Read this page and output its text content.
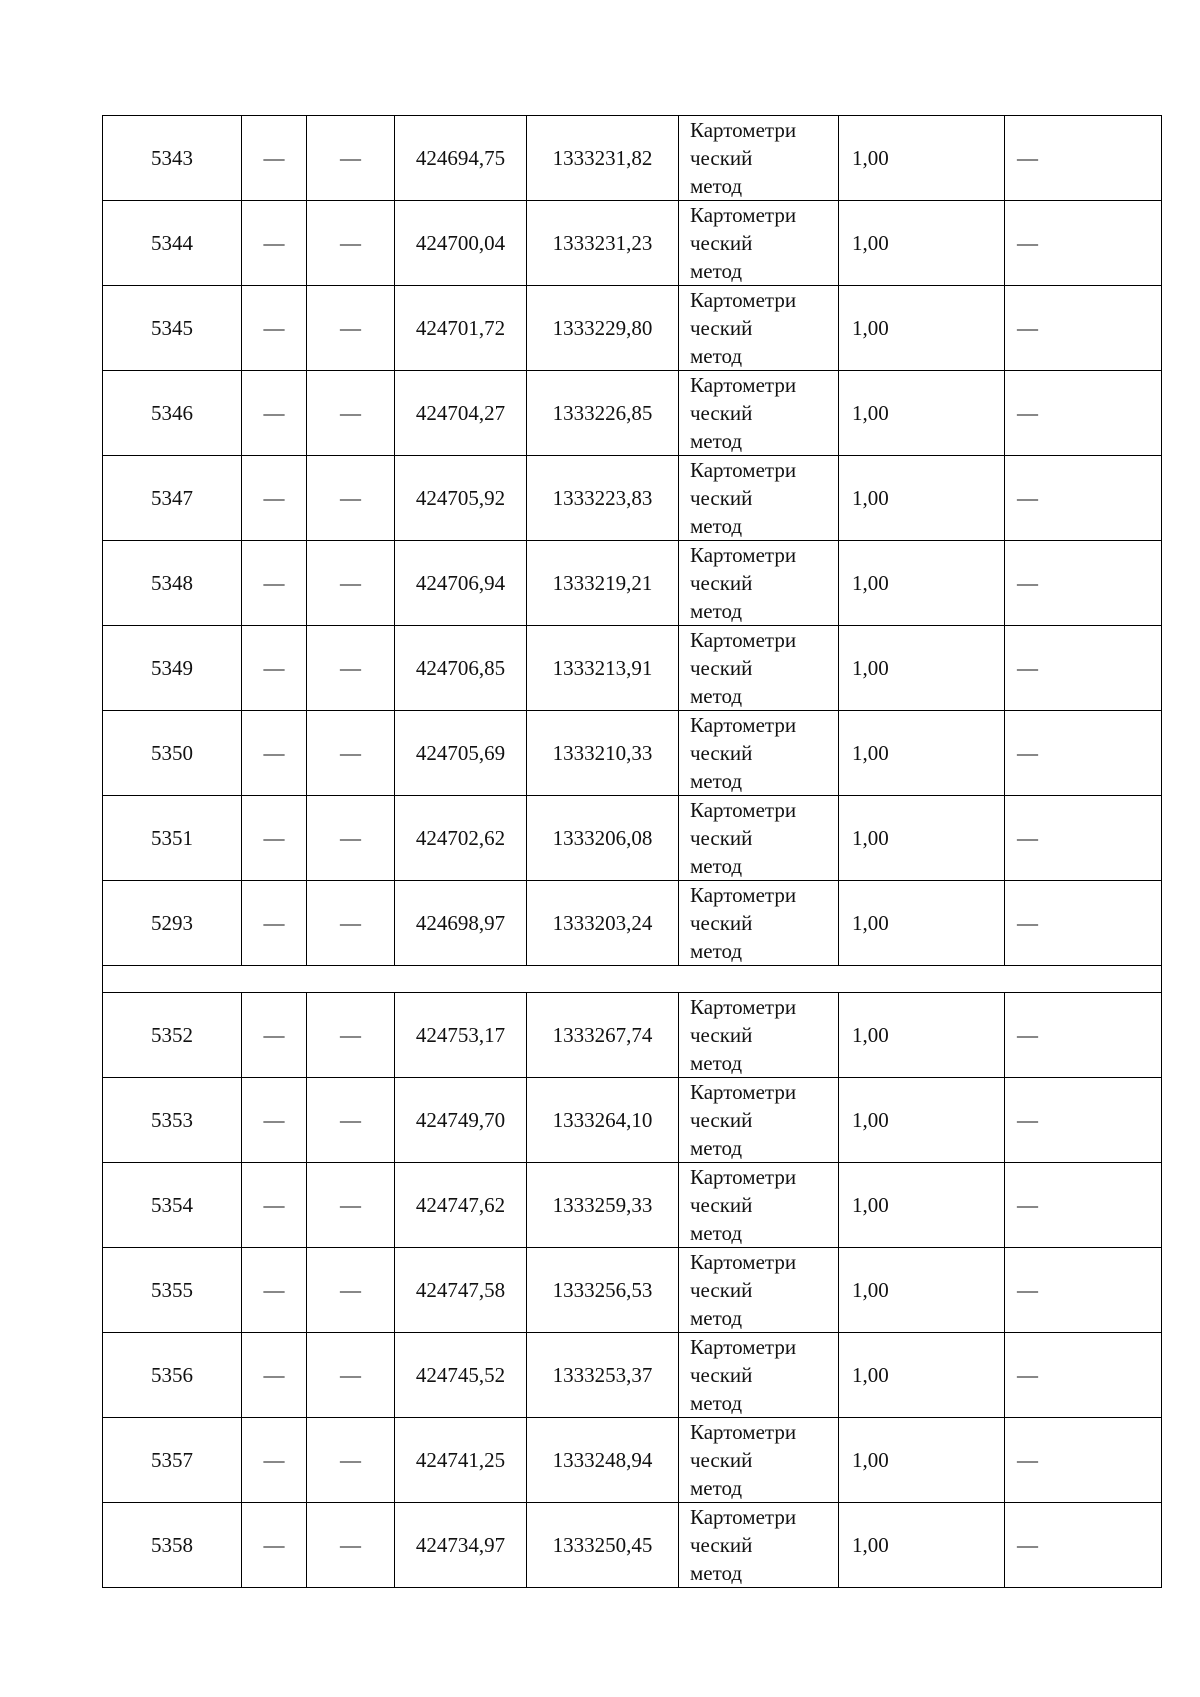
5343	—	—	424694,75	1333231,82	Картометри
ческий
метод	1,00	—
5344	—	—	424700,04	1333231,23	Картометри
ческий
метод	1,00	—
5345	—	—	424701,72	1333229,80	Картометри
ческий
метод	1,00	—
5346	—	—	424704,27	1333226,85	Картометри
ческий
метод	1,00	—
5347	—	—	424705,92	1333223,83	Картометри
ческий
метод	1,00	—
5348	—	—	424706,94	1333219,21	Картометри
ческий
метод	1,00	—
5349	—	—	424706,85	1333213,91	Картометри
ческий
метод	1,00	—
5350	—	—	424705,69	1333210,33	Картометри
ческий
метод	1,00	—
5351	—	—	424702,62	1333206,08	Картометри
ческий
метод	1,00	—
5293	—	—	424698,97	1333203,24	Картометри
ческий
метод	1,00	—

5352	—	—	424753,17	1333267,74	Картометри
ческий
метод	1,00	—
5353	—	—	424749,70	1333264,10	Картометри
ческий
метод	1,00	—
5354	—	—	424747,62	1333259,33	Картометри
ческий
метод	1,00	—
5355	—	—	424747,58	1333256,53	Картометри
ческий
метод	1,00	—
5356	—	—	424745,52	1333253,37	Картометри
ческий
метод	1,00	—
5357	—	—	424741,25	1333248,94	Картометри
ческий
метод	1,00	—
5358	—	—	424734,97	1333250,45	Картометри
ческий
метод	1,00	—
